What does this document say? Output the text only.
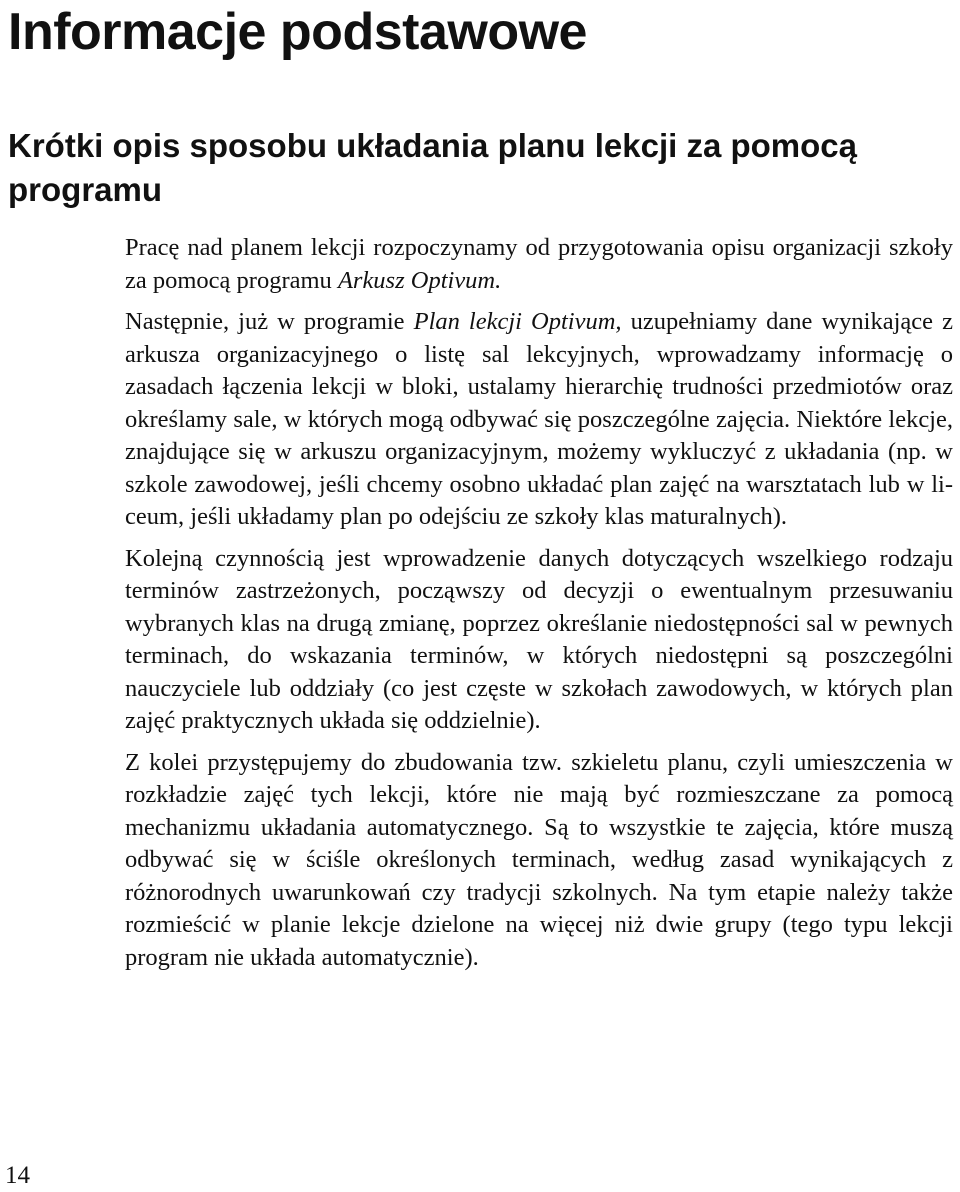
Informacje podstawowe
Krótki opis sposobu układania planu lekcji za pomocą programu

Pracę nad planem lekcji rozpoczynamy od przygotowania opisu organizacji szkoły za pomocą programu Arkusz Optivum.

Następnie, już w programie Plan lekcji Optivum, uzupełniamy dane wynikające z arkusza organizacyjnego o listę sal lekcyjnych, wprowadzamy informację o zasadach łączenia lekcji w bloki, ustalamy hierarchię trudności przedmiotów oraz określamy sale, w których mogą odbywać się poszczególne zajęcia. Niektóre lekcje, znajdujące się w arkuszu organizacyjnym, możemy wykluczyć z układania (np. w szkole zawodowej, jeśli chcemy osobno układać plan zajęć na warsztatach lub w liceum, jeśli układamy plan po odejściu ze szkoły klas maturalnych).

Kolejną czynnością jest wprowadzenie danych dotyczących wszelkiego rodzaju terminów zastrzeżonych, począwszy od decyzji o ewentualnym przesuwaniu wybranych klas na drugą zmianę, poprzez określanie niedostępności sal w pewnych terminach, do wskazania terminów, w których niedostępni są poszczególni nauczyciele lub oddziały (co jest częste w szkołach zawodowych, w których plan zajęć praktycznych układa się oddzielnie).

Z kolei przystępujemy do zbudowania tzw. szkieletu planu, czyli umieszczenia w rozkładzie zajęć tych lekcji, które nie mają być rozmieszczane za pomocą mechanizmu układania automatycznego. Są to wszystkie te zajęcia, które muszą odbywać się w ściśle określonych terminach, według zasad wynikających z różnorodnych uwarunkowań czy tradycji szkolnych. Na tym etapie należy także rozmieścić w planie lekcje dzielone na więcej niż dwie grupy (tego typu lekcji program nie układa automatycznie).

14
